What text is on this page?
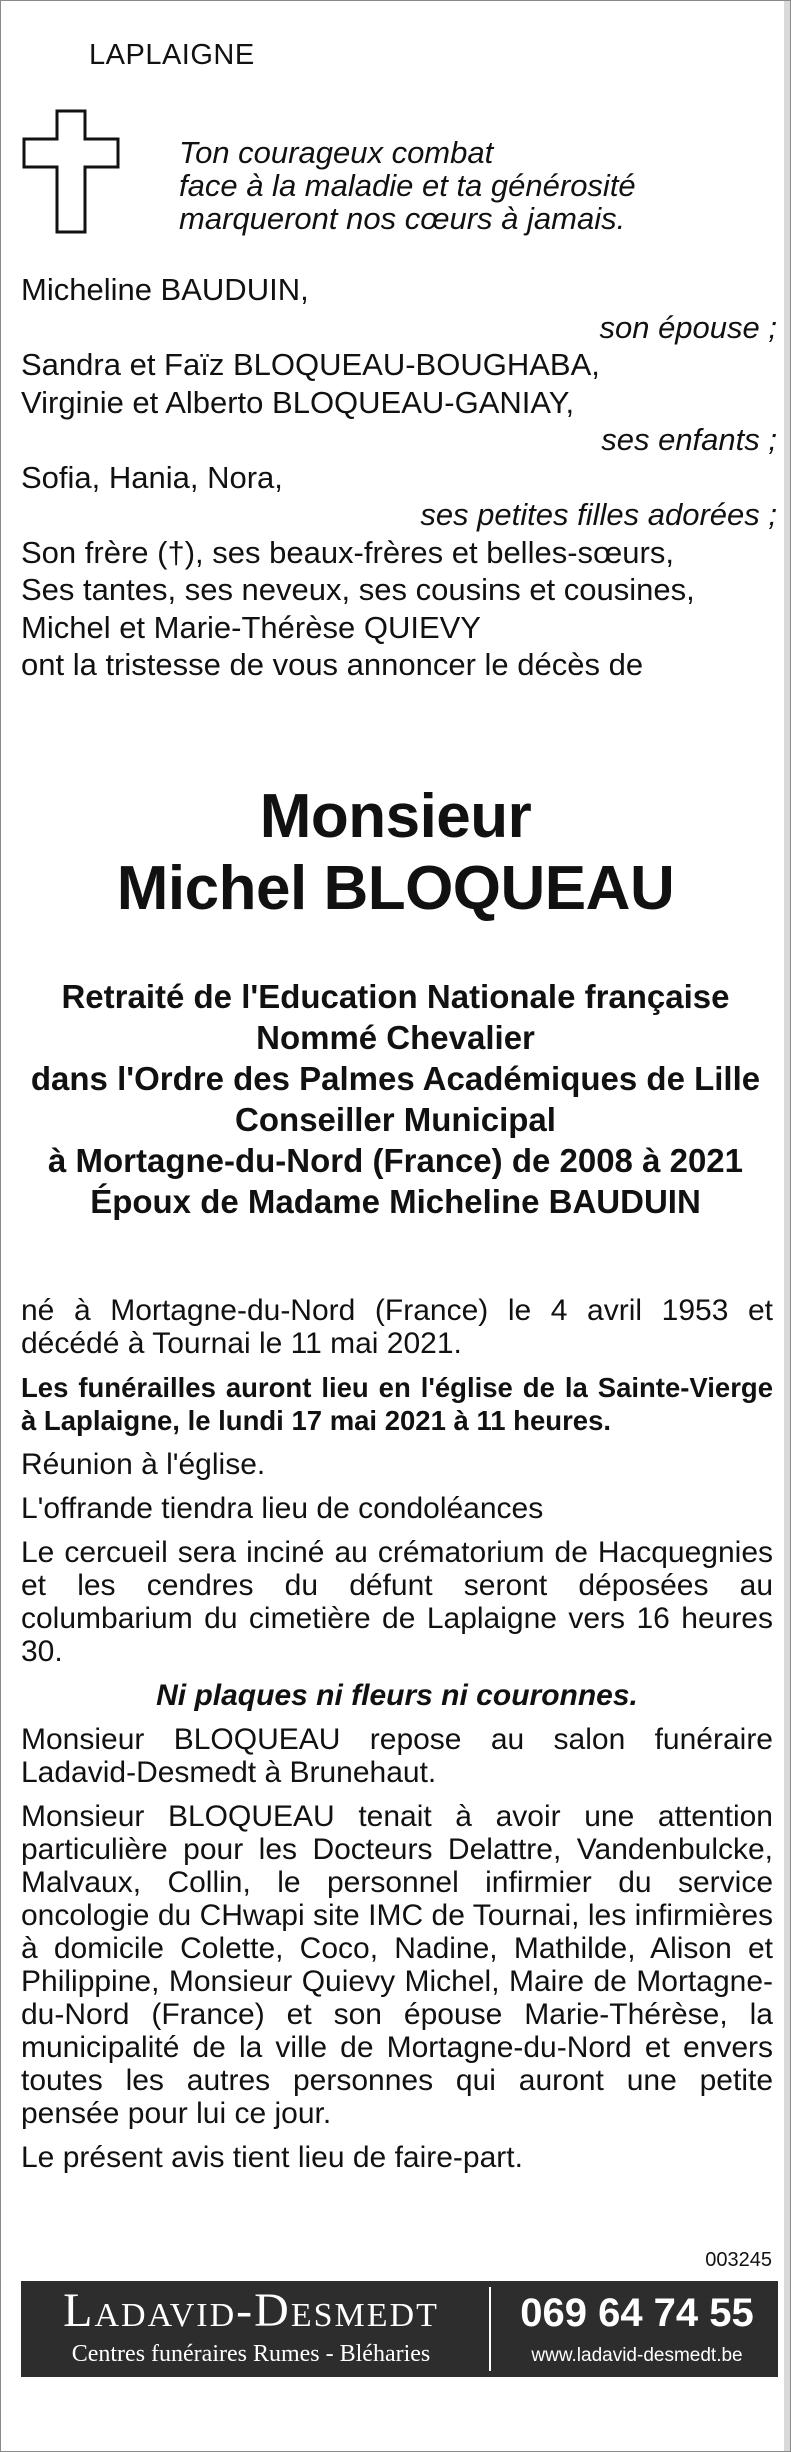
LAPLAIGNE
Ton courageux combat
face à la maladie et ta générosité
marqueront nos cœurs à jamais.
Micheline BAUDUIN,
son épouse ;
Sandra et Faïz BLOQUEAU-BOUGHABA,
Virginie et Alberto BLOQUEAU-GANIAY,
ses enfants ;
Sofia, Hania, Nora,
ses petites filles adorées ;
Son frère (†), ses beaux-frères et belles-sœurs,
Ses tantes, ses neveux, ses cousins et cousines,
Michel et Marie-Thérèse QUIEVY
ont la tristesse de vous annoncer le décès de
Monsieur
Michel BLOQUEAU
Retraité de l'Education Nationale française
Nommé Chevalier
dans l'Ordre des Palmes Académiques de Lille
Conseiller Municipal
à Mortagne-du-Nord (France) de 2008 à 2021
Époux de Madame Micheline BAUDUIN

né à Mortagne-du-Nord (France) le 4 avril 1953 et décédé à Tournai le 11 mai 2021.

Les funérailles auront lieu en l'église de la Sainte-Vierge à Laplaigne, le lundi 17 mai 2021 à 11 heures.

Réunion à l'église.

L'offrande tiendra lieu de condoléances

Le cercueil sera inciné au crématorium de Hacquegnies et les cendres du défunt seront déposées au columbarium du cimetière de Laplaigne vers 16 heures 30.

Ni plaques ni fleurs ni couronnes.

Monsieur BLOQUEAU repose au salon funéraire Ladavid-Desmedt à Brunehaut.

Monsieur BLOQUEAU tenait à avoir une attention particulière pour les Docteurs Delattre, Vandenbulcke, Malvaux, Collin, le personnel infirmier du service oncologie du CHwapi site IMC de Tournai, les infirmières à domicile Colette, Coco, Nadine, Mathilde, Alison et Philippine, Monsieur Quievy Michel, Maire de Mortagne-du-Nord (France) et son épouse Marie-Thérèse, la municipalité de la ville de Mortagne-du-Nord et envers toutes les autres personnes qui auront une petite pensée pour lui ce jour.

Le présent avis tient lieu de faire-part.

003245
Ladavid-Desmedt
Centres funéraires Rumes - Bléharies
069 64 74 55
www.ladavid-desmedt.be
